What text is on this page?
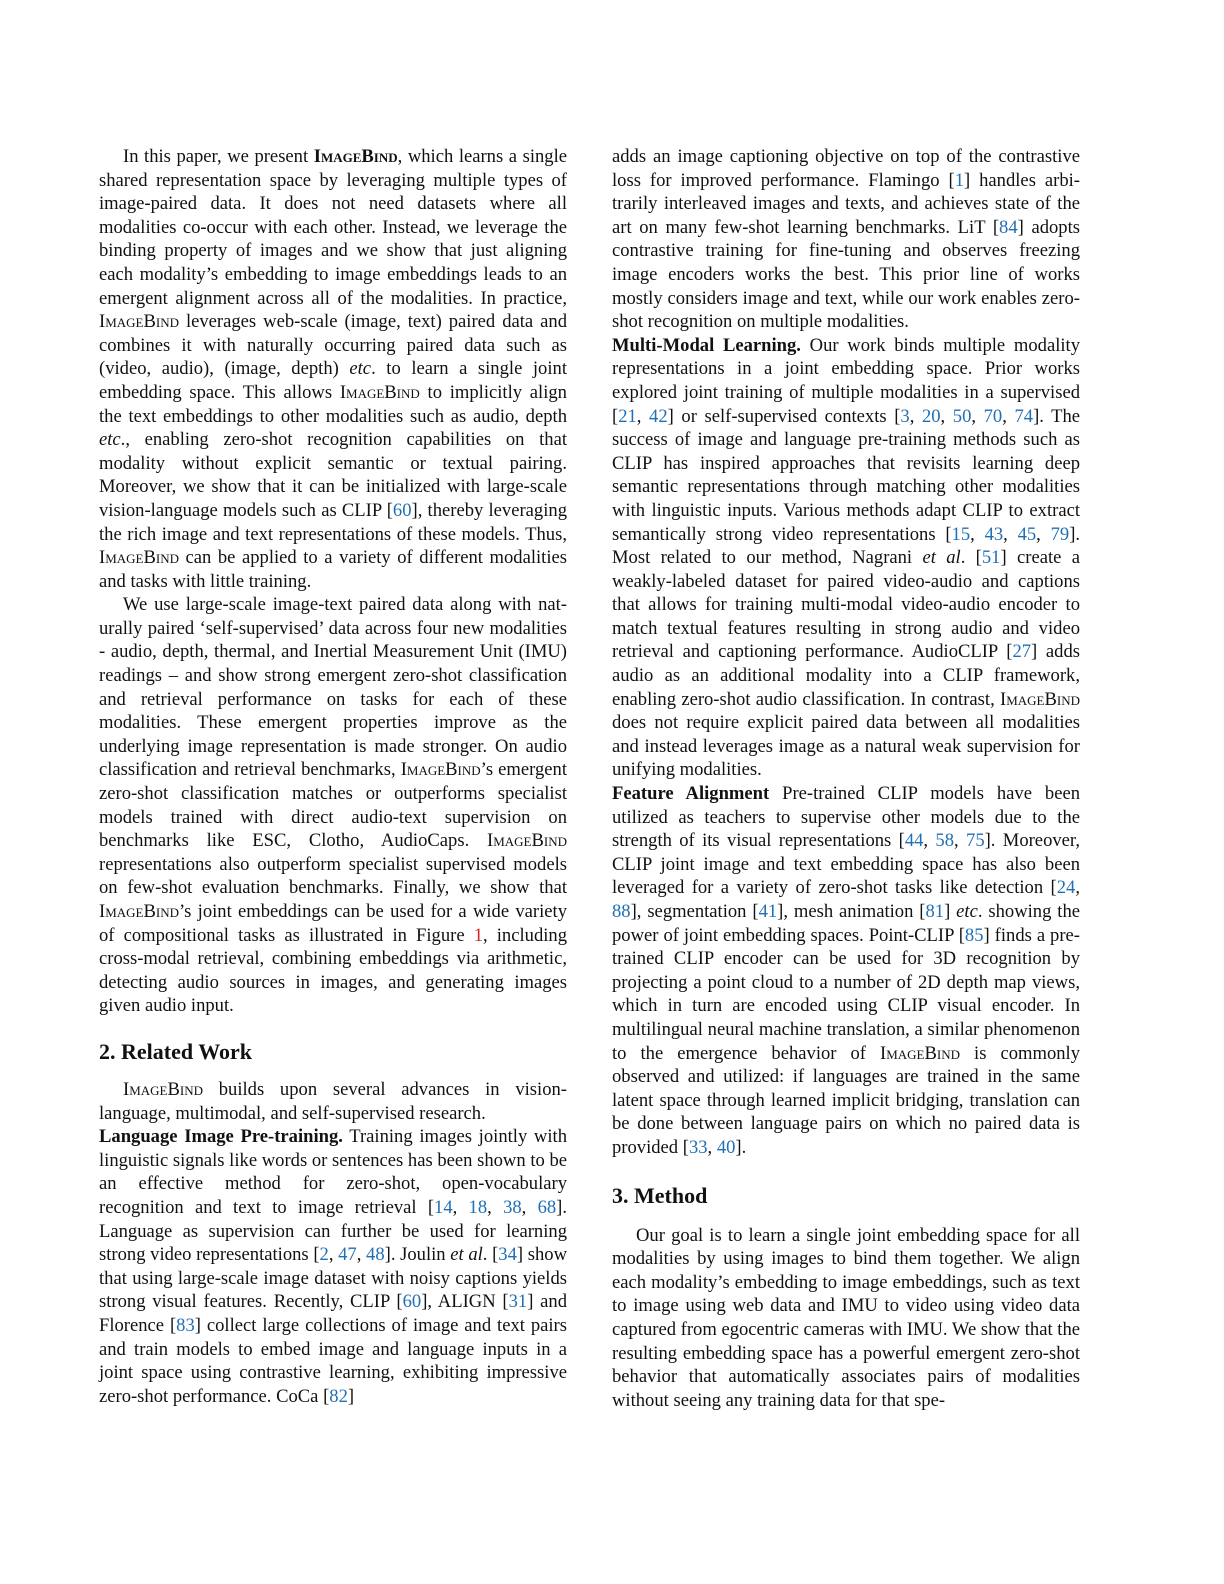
In this paper, we present ImageBind, which learns a single shared representation space by leveraging multiple types of image-paired data. It does not need datasets where all modalities co-occur with each other. Instead, we leverage the binding property of images and we show that just aligning each modality’s embedding to image embeddings leads to an emergent alignment across all of the modalities. In practice, ImageBind leverages web-scale (image, text) paired data and combines it with naturally occurring paired data such as (video, audio), (image, depth) etc. to learn a single joint embedding space. This allows ImageBind to implicitly align the text embeddings to other modalities such as audio, depth etc., enabling zero-shot recognition capabilities on that modality without explicit semantic or textual pairing. Moreover, we show that it can be initialized with large-scale vision-language models such as CLIP [60], thereby leveraging the rich image and text representations of these models. Thus, ImageBind can be applied to a variety of different modalities and tasks with little training.

We use large-scale image-text paired data along with naturally paired ‘self-supervised’ data across four new modalities - audio, depth, thermal, and Inertial Measurement Unit (IMU) readings – and show strong emergent zero-shot classification and retrieval performance on tasks for each of these modalities. These emergent properties improve as the underlying image representation is made stronger. On audio classification and retrieval benchmarks, ImageBind’s emergent zero-shot classification matches or outperforms specialist models trained with direct audio-text supervision on benchmarks like ESC, Clotho, AudioCaps. ImageBind representations also outperform specialist supervised models on few-shot evaluation benchmarks. Finally, we show that ImageBind’s joint embeddings can be used for a wide variety of compositional tasks as illustrated in Figure 1, including cross-modal retrieval, combining embeddings via arithmetic, detecting audio sources in images, and generating images given audio input.

2. Related Work

ImageBind builds upon several advances in vision-language, multimodal, and self-supervised research.

Language Image Pre-training. Training images jointly with linguistic signals like words or sentences has been shown to be an effective method for zero-shot, open-vocabulary recognition and text to image retrieval [14, 18, 38, 68]. Language as supervision can further be used for learning strong video representations [2, 47, 48]. Joulin et al. [34] show that using large-scale image dataset with noisy captions yields strong visual features. Recently, CLIP [60], ALIGN [31] and Florence [83] collect large collections of image and text pairs and train models to embed image and language inputs in a joint space using contrastive learning, exhibiting impressive zero-shot performance. CoCa [82]

adds an image captioning objective on top of the contrastive loss for improved performance. Flamingo [1] handles arbitrarily interleaved images and texts, and achieves state of the art on many few-shot learning benchmarks. LiT [84] adopts contrastive training for fine-tuning and observes freezing image encoders works the best. This prior line of works mostly considers image and text, while our work enables zero-shot recognition on multiple modalities.

Multi-Modal Learning. Our work binds multiple modality representations in a joint embedding space. Prior works explored joint training of multiple modalities in a supervised [21, 42] or self-supervised contexts [3, 20, 50, 70, 74]. The success of image and language pre-training methods such as CLIP has inspired approaches that revisits learning deep semantic representations through matching other modalities with linguistic inputs. Various methods adapt CLIP to extract semantically strong video representations [15, 43, 45, 79]. Most related to our method, Nagrani et al. [51] create a weakly-labeled dataset for paired video-audio and captions that allows for training multi-modal video-audio encoder to match textual features resulting in strong audio and video retrieval and captioning performance. AudioCLIP [27] adds audio as an additional modality into a CLIP framework, enabling zero-shot audio classification. In contrast, ImageBind does not require explicit paired data between all modalities and instead leverages image as a natural weak supervision for unifying modalities.

Feature Alignment Pre-trained CLIP models have been utilized as teachers to supervise other models due to the strength of its visual representations [44, 58, 75]. Moreover, CLIP joint image and text embedding space has also been leveraged for a variety of zero-shot tasks like detection [24, 88], segmentation [41], mesh animation [81] etc. showing the power of joint embedding spaces. Point-CLIP [85] finds a pre-trained CLIP encoder can be used for 3D recognition by projecting a point cloud to a number of 2D depth map views, which in turn are encoded using CLIP visual encoder. In multilingual neural machine translation, a similar phenomenon to the emergence behavior of ImageBind is commonly observed and utilized: if languages are trained in the same latent space through learned implicit bridging, translation can be done between language pairs on which no paired data is provided [33, 40].

3. Method

Our goal is to learn a single joint embedding space for all modalities by using images to bind them together. We align each modality’s embedding to image embeddings, such as text to image using web data and IMU to video using video data captured from egocentric cameras with IMU. We show that the resulting embedding space has a powerful emergent zero-shot behavior that automatically associates pairs of modalities without seeing any training data for that spe-
